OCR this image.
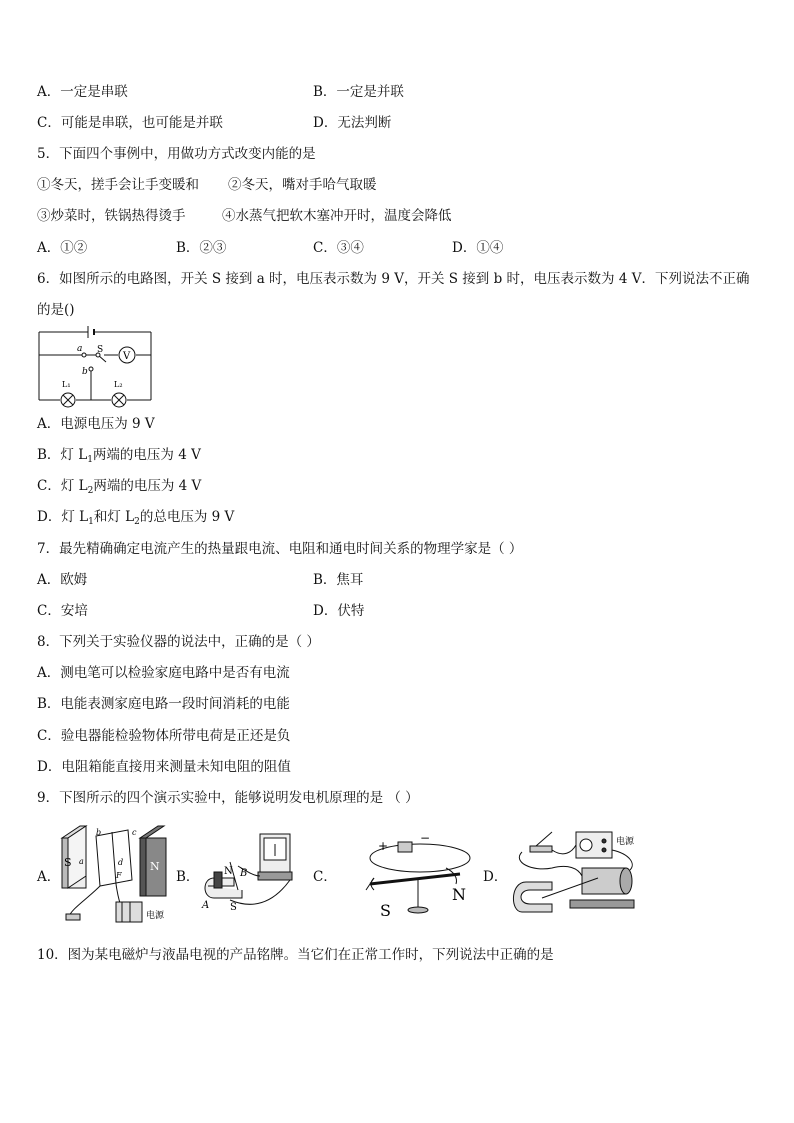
A．一定是串联	B．一定是并联
C．可能是串联，也可能是并联	D．无法判断
5．下面四个事例中，用做功方式改变内能的是
①冬天，搓手会让手变暖和 ②冬天，嘴对手哈气取暖
③炒菜时，铁锅热得烫手	④水蒸气把软木塞冲开时，温度会降低
A．①②	B．②③	C．③④	D．①④
6．如图所示的电路图，开关 S 接到 a 时，电压表示数为 9 V，开关 S 接到 b 时，电压表示数为 4 V．下列说法不正确
的是()
V
a S
b
L₁	L₂
A．电源电压为 9 V
B．灯 $L_1$两端的电压为 4 V
C．灯 $L_2$两端的电压为 4 V
D．灯 $L_1$和灯 $L_2$的总电压为 9 V
7．最先精确确定电流产生的热量跟电流、电阻和通电时间关系的物理学家是（ ）
A．欧姆	B．焦耳
C．安培	D．伏特
8．下列关于实验仪器的说法中，正确的是（ ）
A．测电笔可以检验家庭电路中是否有电流
B．电能表测家庭电路一段时间消耗的电能
C．验电器能检验物体所带电荷是正还是负
D．电阻箱能直接用来测量未知电阻的阻值
9．下图所示的四个演示实验中，能够说明发电机原理的是 （ ）
A．
S	N
b	c
a	d
F
电源
B． N
S
A
B	C．
+
−
S
N
D．
电源
10．图为某电磁炉与液晶电视的产品铭牌。当它们在正常工作时，下列说法中正确的是
